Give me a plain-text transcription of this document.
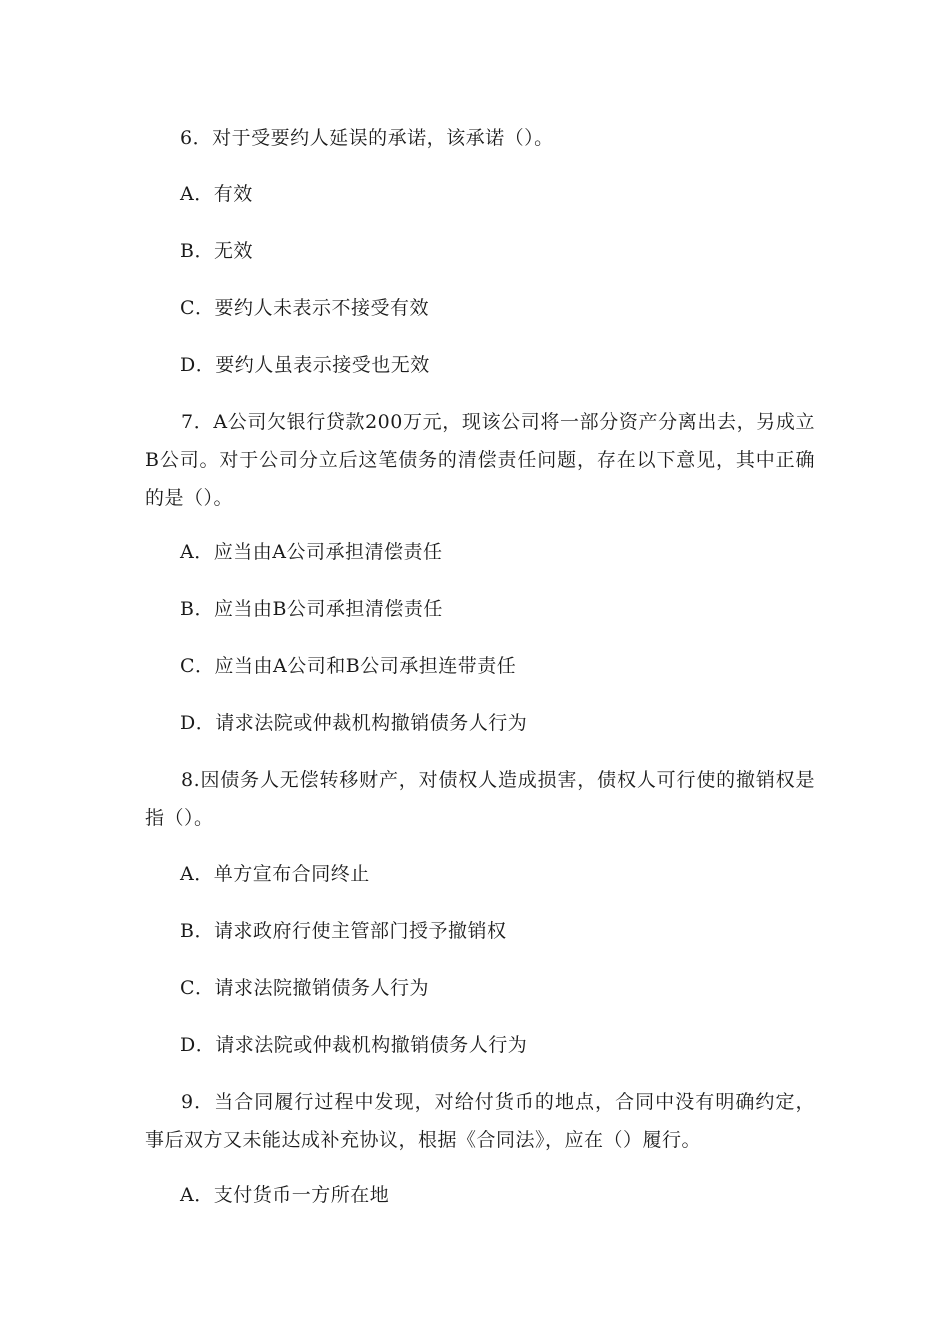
6．对于受要约人延误的承诺，该承诺（）。
A．有效
B．无效
C．要约人未表示不接受有效
D．要约人虽表示接受也无效
7．A公司欠银行贷款200万元，现该公司将一部分资产分离出去，另成立B公司。对于公司分立后这笔债务的清偿责任问题，存在以下意见，其中正确的是（）。
A．应当由A公司承担清偿责任
B．应当由B公司承担清偿责任
C．应当由A公司和B公司承担连带责任
D．请求法院或仲裁机构撤销债务人行为
8.因债务人无偿转移财产，对债权人造成损害，债权人可行使的撤销权是指（）。
A．单方宣布合同终止
B．请求政府行使主管部门授予撤销权
C．请求法院撤销债务人行为
D．请求法院或仲裁机构撤销债务人行为
9．当合同履行过程中发现，对给付货币的地点，合同中没有明确约定，事后双方又未能达成补充协议，根据《合同法》，应在（）履行。
A．支付货币一方所在地
